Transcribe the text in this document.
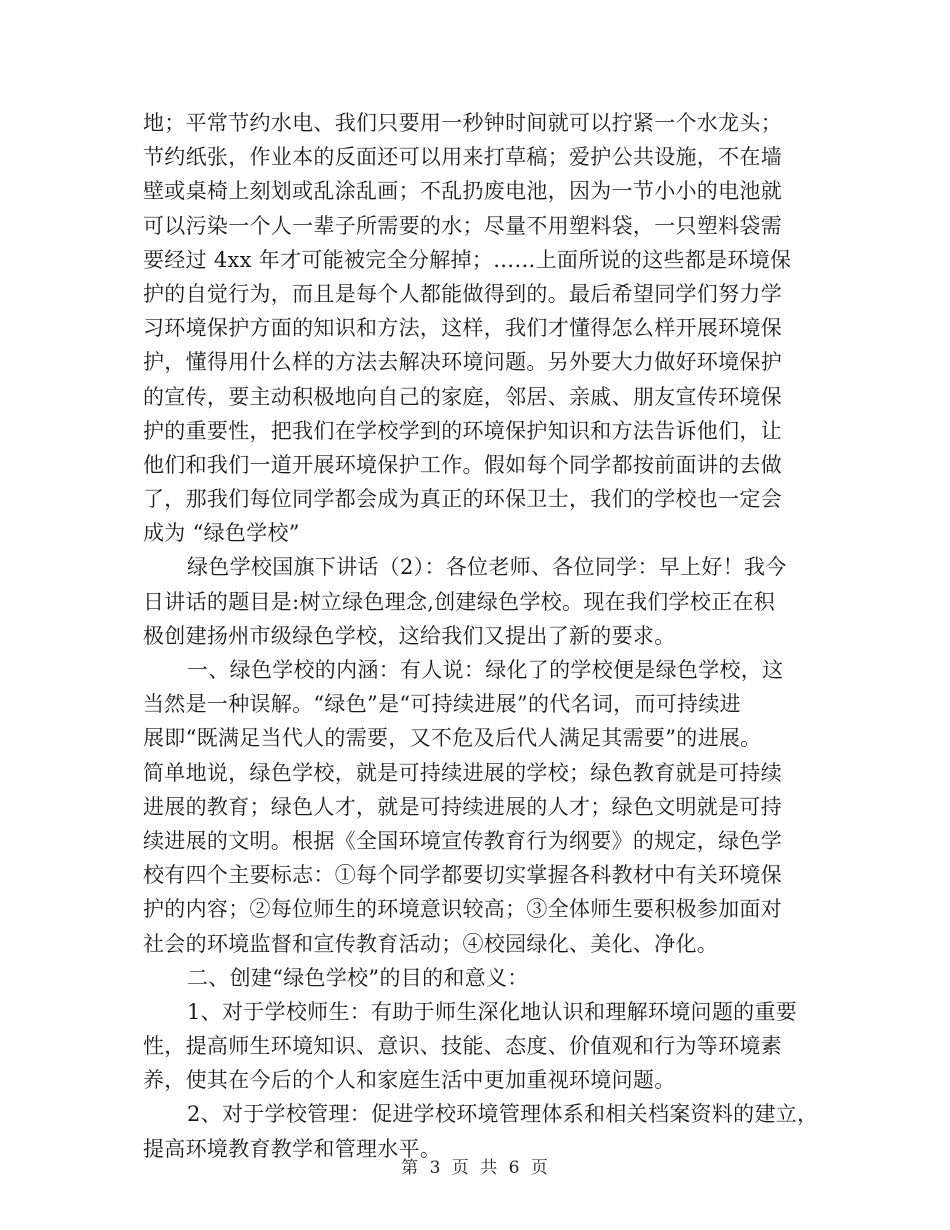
地；平常节约水电、我们只要用一秒钟时间就可以拧紧一个水龙头；
节约纸张，作业本的反面还可以用来打草稿；爱护公共设施，不在墙
壁或桌椅上刻划或乱涂乱画；不乱扔废电池，因为一节小小的电池就
可以污染一个人一辈子所需要的水；尽量不用塑料袋，一只塑料袋需
要经过 4xx 年才可能被完全分解掉；……上面所说的这些都是环境保
护的自觉行为，而且是每个人都能做得到的。最后希望同学们努力学
习环境保护方面的知识和方法，这样，我们才懂得怎么样开展环境保
护，懂得用什么样的方法去解决环境问题。另外要大力做好环境保护
的宣传，要主动积极地向自己的家庭，邻居、亲戚、朋友宣传环境保
护的重要性，把我们在学校学到的环境保护知识和方法告诉他们，让
他们和我们一道开展环境保护工作。假如每个同学都按前面讲的去做
了，那我们每位同学都会成为真正的环保卫士，我们的学校也一定会
成为 “绿色学校”
绿色学校国旗下讲话（2）：各位老师、各位同学：早上好！我今
日讲话的题目是:树立绿色理念,创建绿色学校。现在我们学校正在积
极创建扬州市级绿色学校，这给我们又提出了新的要求。
一、绿色学校的内涵：有人说：绿化了的学校便是绿色学校，这
当然是一种误解。“绿色”是“可持续进展”的代名词，而可持续进
展即“既满足当代人的需要，又不危及后代人满足其需要”的进展。
简单地说，绿色学校，就是可持续进展的学校；绿色教育就是可持续
进展的教育；绿色人才，就是可持续进展的人才；绿色文明就是可持
续进展的文明。根据《全国环境宣传教育行为纲要》的规定，绿色学
校有四个主要标志：①每个同学都要切实掌握各科教材中有关环境保
护的内容；②每位师生的环境意识较高；③全体师生要积极参加面对
社会的环境监督和宣传教育活动；④校园绿化、美化、净化。
二、创建“绿色学校”的目的和意义：
1、对于学校师生：有助于师生深化地认识和理解环境问题的重要
性，提高师生环境知识、意识、技能、态度、价值观和行为等环境素
养，使其在今后的个人和家庭生活中更加重视环境问题。
2、对于学校管理：促进学校环境管理体系和相关档案资料的建立，
提高环境教育教学和管理水平。
第 3 页 共 6 页
